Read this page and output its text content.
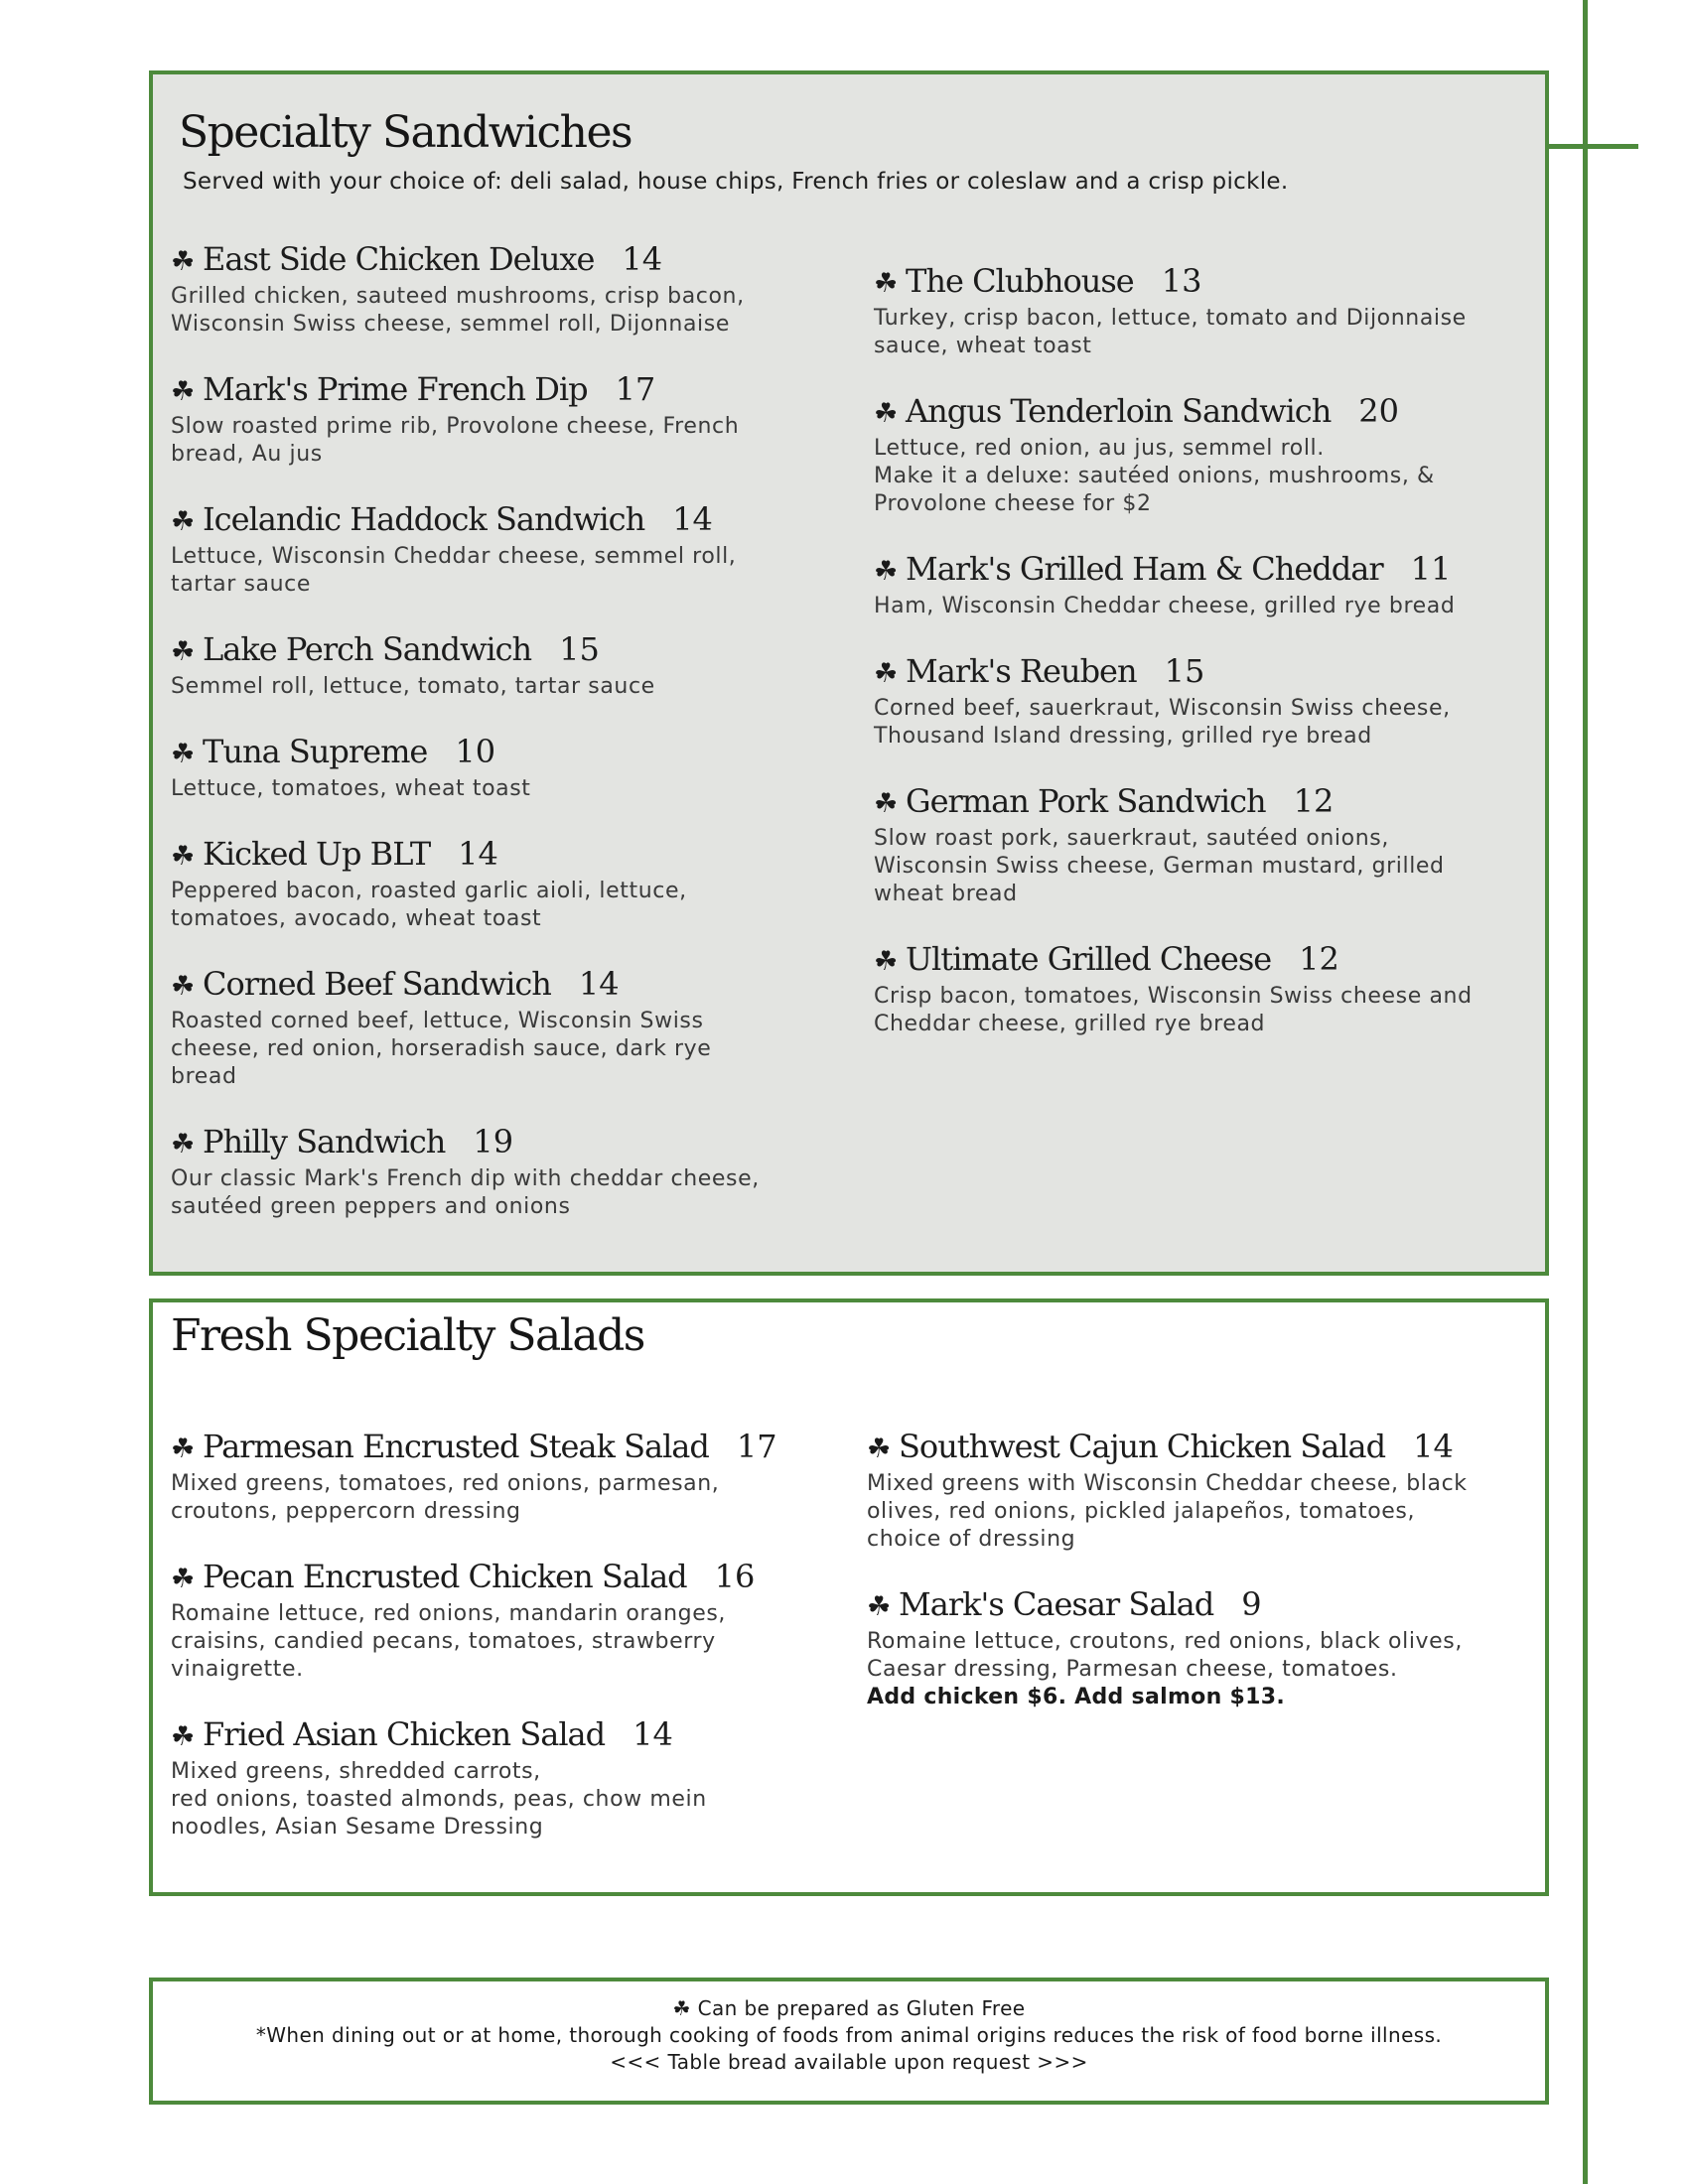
Specialty Sandwiches
Served with your choice of: deli salad, house chips, French fries or coleslaw and a crisp pickle.
☘ East Side Chicken Deluxe 14
Grilled chicken, sauteed mushrooms, crisp bacon,
Wisconsin Swiss cheese, semmel roll, Dijonnaise
☘ Mark's Prime French Dip 17
Slow roasted prime rib, Provolone cheese, French
bread, Au jus
☘ Icelandic Haddock Sandwich 14
Lettuce, Wisconsin Cheddar cheese, semmel roll,
tartar sauce
☘ Lake Perch Sandwich 15
Semmel roll, lettuce, tomato, tartar sauce
☘ Tuna Supreme 10
Lettuce, tomatoes, wheat toast
☘ Kicked Up BLT 14
Peppered bacon, roasted garlic aioli, lettuce,
tomatoes, avocado, wheat toast
☘ Corned Beef Sandwich 14
Roasted corned beef, lettuce, Wisconsin Swiss
cheese, red onion, horseradish sauce, dark rye
bread
☘ Philly Sandwich 19
Our classic Mark's French dip with cheddar cheese,
sautéed green peppers and onions
☘ The Clubhouse 13
Turkey, crisp bacon, lettuce, tomato and Dijonnaise
sauce, wheat toast
☘ Angus Tenderloin Sandwich 20
Lettuce, red onion, au jus, semmel roll.
Make it a deluxe: sautéed onions, mushrooms, &
Provolone cheese for $2
☘ Mark's Grilled Ham & Cheddar 11
Ham, Wisconsin Cheddar cheese, grilled rye bread
☘ Mark's Reuben 15
Corned beef, sauerkraut, Wisconsin Swiss cheese,
Thousand Island dressing, grilled rye bread
☘ German Pork Sandwich 12
Slow roast pork, sauerkraut, sautéed onions,
Wisconsin Swiss cheese, German mustard, grilled
wheat bread
☘ Ultimate Grilled Cheese 12
Crisp bacon, tomatoes, Wisconsin Swiss cheese and
Cheddar cheese, grilled rye bread
Fresh Specialty Salads
☘ Parmesan Encrusted Steak Salad 17
Mixed greens, tomatoes, red onions, parmesan,
croutons, peppercorn dressing
☘ Pecan Encrusted Chicken Salad 16
Romaine lettuce, red onions, mandarin oranges,
craisins, candied pecans, tomatoes, strawberry
vinaigrette.
☘ Fried Asian Chicken Salad 14
Mixed greens, shredded carrots,
red onions, toasted almonds, peas, chow mein
noodles, Asian Sesame Dressing
☘ Southwest Cajun Chicken Salad 14
Mixed greens with Wisconsin Cheddar cheese, black
olives, red onions, pickled jalapeños, tomatoes,
choice of dressing
☘ Mark's Caesar Salad 9
Romaine lettuce, croutons, red onions, black olives,
Caesar dressing, Parmesan cheese, tomatoes.
Add chicken $6. Add salmon $13.
☘ Can be prepared as Gluten Free
*When dining out or at home, thorough cooking of foods from animal origins reduces the risk of food borne illness.
<<< Table bread available upon request >>>
